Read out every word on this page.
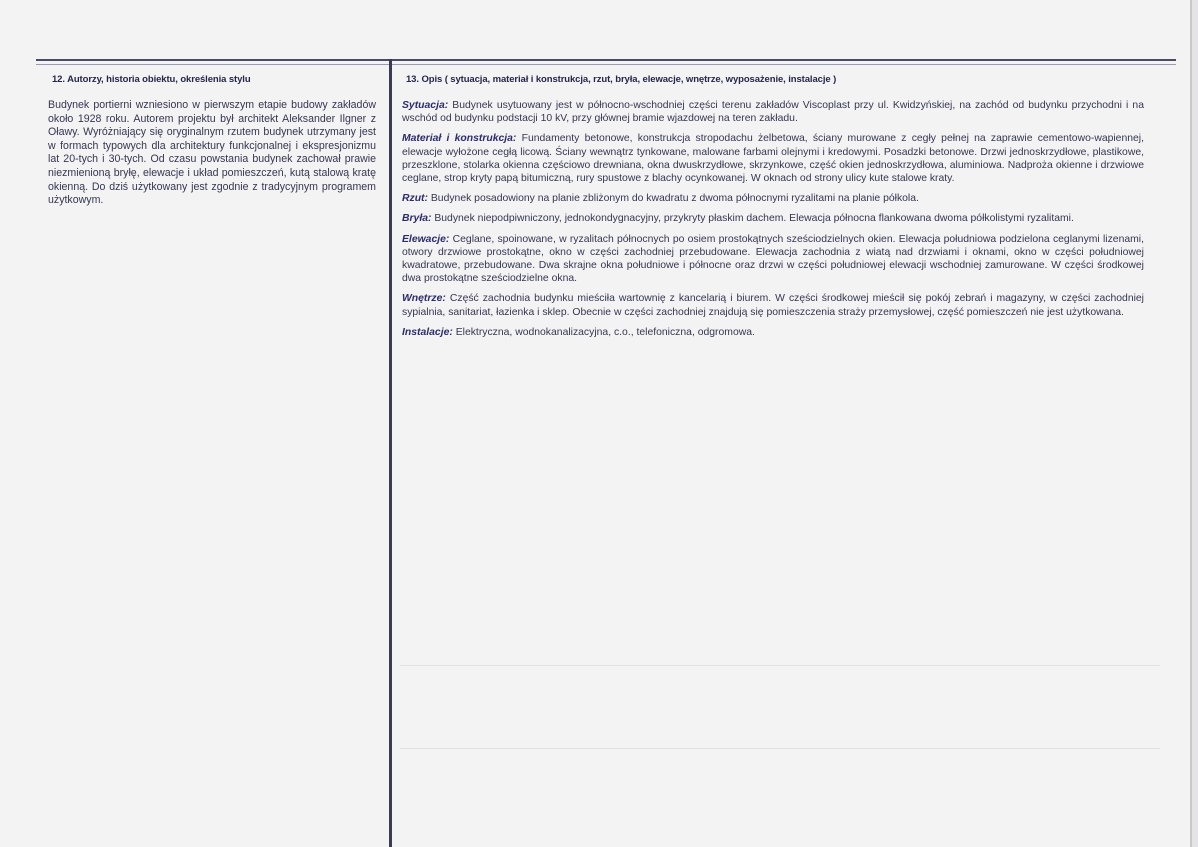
12. Autorzy, historia obiektu, określenia stylu

Budynek portierni wzniesiono w pierwszym etapie budowy zakładów około 1928 roku. Autorem projektu był architekt Aleksander Ilgner z Oławy. Wyróżniający się oryginalnym rzutem budynek utrzymany jest w formach typowych dla architektury funkcjonalnej i ekspresjonizmu lat 20-tych i 30-tych. Od czasu powstania budynek zachował prawie niezmienioną bryłę, elewacje i układ pomieszczeń, kutą stalową kratę okienną. Do dziś użytkowany jest zgodnie z tradycyjnym programem użytkowym.

13. Opis ( sytuacja, materiał i konstrukcja, rzut, bryła, elewacje, wnętrze, wyposażenie, instalacje )

Sytuacja: Budynek usytuowany jest w północno-wschodniej części terenu zakładów Viscoplast przy ul. Kwidzyńskiej, na zachód od budynku przychodni i na wschód od budynku podstacji 10 kV, przy głównej bramie wjazdowej na teren zakładu.

Materiał i konstrukcja: Fundamenty betonowe, konstrukcja stropodachu żelbetowa, ściany murowane z cegły pełnej na zaprawie cementowo-wapiennej, elewacje wyłożone cegłą licową. Ściany wewnątrz tynkowane, malowane farbami olejnymi i kredowymi. Posadzki betonowe. Drzwi jednoskrzydłowe, plastikowe, przeszklone, stolarka okienna częściowo drewniana, okna dwuskrzydłowe, skrzynkowe, część okien jednoskrzydłowa, aluminiowa. Nadproża okienne i drzwiowe ceglane, strop kryty papą bitumiczną, rury spustowe z blachy ocynkowanej. W oknach od strony ulicy kute stalowe kraty.

Rzut: Budynek posadowiony na planie zbliżonym do kwadratu z dwoma północnymi ryzalitami na planie półkola.

Bryła: Budynek niepodpiwniczony, jednokondygnacyjny, przykryty płaskim dachem. Elewacja północna flankowana dwoma półkolistymi ryzalitami.

Elewacje: Ceglane, spoinowane, w ryzalitach północnych po osiem prostokątnych sześciodzielnych okien. Elewacja południowa podzielona ceglanymi lizenami, otwory drzwiowe prostokątne, okno w części zachodniej przebudowane. Elewacja zachodnia z wiatą nad drzwiami i oknami, okno w części południowej kwadratowe, przebudowane. Dwa skrajne okna południowe i północne oraz drzwi w części południowej elewacji wschodniej zamurowane. W części środkowej dwa prostokątne sześciodzielne okna.

Wnętrze: Część zachodnia budynku mieściła wartownię z kancelarią i biurem. W części środkowej mieścił się pokój zebrań i magazyny, w części zachodniej sypialnia, sanitariat, łazienka i sklep. Obecnie w części zachodniej znajdują się pomieszczenia straży przemysłowej, część pomieszczeń nie jest użytkowana.

Instalacje: Elektryczna, wodnokanalizacyjna, c.o., telefoniczna, odgromowa.
